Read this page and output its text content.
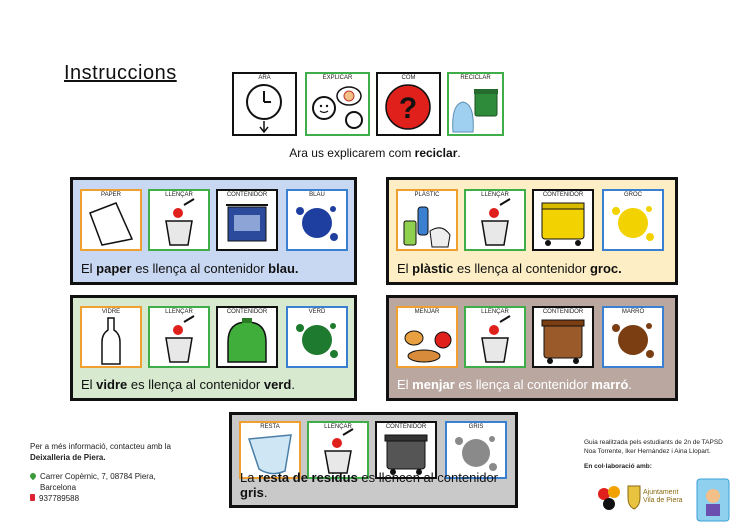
Instruccions	ARA	EXPLICAR	COM
?
RECICLAR
Ara us explicarem com reciclar.
PAPER	LLENÇAR	CONTENIDOR	BLAU
El paper es llença al contenidor blau.
PLÀSTIC	LLENÇAR	CONTENIDOR	GROC
El plàstic es llença al contenidor groc.
VIDRE	LLENÇAR	CONTENIDOR	VERD
El vidre es llença al contenidor verd.
MENJAR	LLENÇAR	CONTENIDOR	MARRÓ
El menjar es llença al contenidor marró.
RESTA	LLENÇAR	CONTENIDOR	GRIS
La resta de residus es llencen al contenidor gris.
Per a més informació, contacteu amb la
Deixalleria de Piera.
Carrer Copèrnic, 7, 08784 Piera,
Barcelona
937789588
Guia realitzada pels estudiants de 2n de TAPSD
Noa Torrente, Iker Hernández i Aina Llopart.
En col·laboració amb:
Ajuntament
Vila de Piera
